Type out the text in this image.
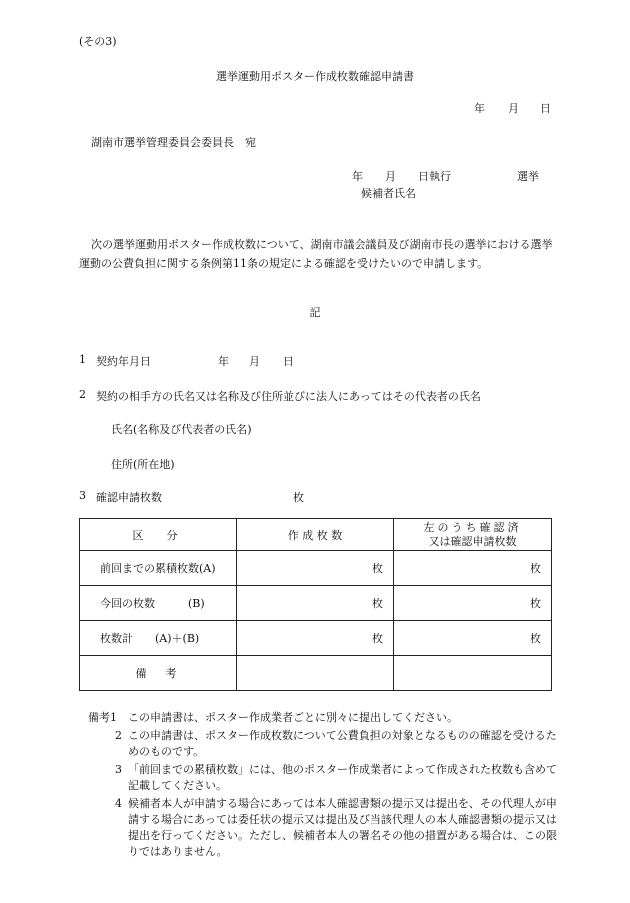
(その3)
選挙運動用ポスター作成枚数確認申請書
年 月 日
湖南市選挙管理委員会委員長　宛
年 月 日執行	選挙
候補者氏名
次の選挙運動用ポスター作成枚数について、湖南市議会議員及び湖南市長の選挙における選挙
運動の公費負担に関する条例第11条の規定による確認を受けたいので申請します。
記
1 契約年月日	年 月 日
2 契約の相手方の氏名又は名称及び住所並びに法人にあってはその代表者の氏名
氏名(名称及び代表者の氏名)
住所(所在地)
3 確認申請枚数	枚
区　分	作 成 枚 数	左のうち確認済
又は確認申請枚数

前回までの累積枚数(A)	枚	枚
今回の枚数　　　(B)	枚	枚
枚数計　　(A)＋(B)	枚	枚
備　考		
備考1	この申請書は、ポスター作成業者ごとに別々に提出してください。
2 この申請書は、ポスター作成枚数について公費負担の対象となるものの確認を受けるためのものです。
3 「前回までの累積枚数」には、他のポスター作成業者によって作成された枚数も含めて記載してください。
4 候補者本人が申請する場合にあっては本人確認書類の提示又は提出を、その代理人が申請する場合にあっては委任状の提示又は提出及び当該代理人の本人確認書類の提示又は提出を行ってください。ただし、候補者本人の署名その他の措置がある場合は、この限りではありません。
